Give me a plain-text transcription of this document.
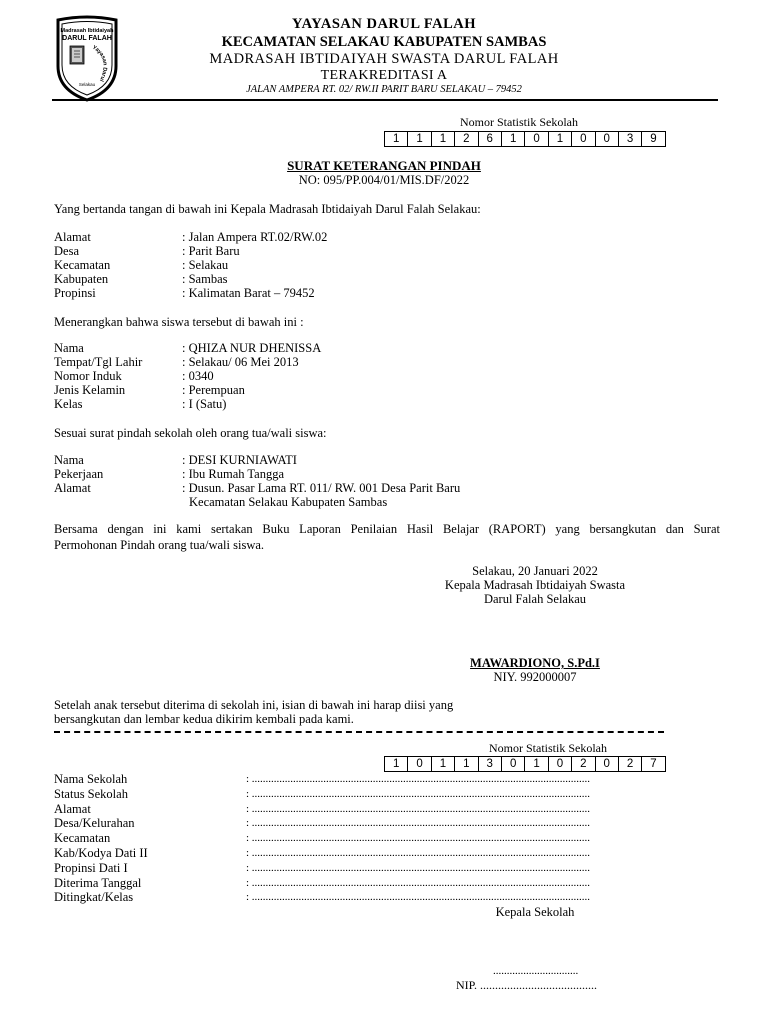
Madrasah Ibtidaiyah
DARUL FALAH
Yayasan Darul
Selakau
YAYASAN DARUL FALAH
KECAMATAN SELAKAU KABUPATEN SAMBAS
MADRASAH IBTIDAIYAH SWASTA DARUL FALAH
TERAKREDITASI A
JALAN AMPERA RT. 02/ RW.II PARIT BARU SELAKAU – 79452
Nomor Statistik Sekolah
1	1	1	2	6	1	0	1	0	0	3	9
SURAT KETERANGAN PINDAH
NO: 095/PP.004/01/MIS.DF/2022
Yang bertanda tangan di bawah ini Kepala Madrasah Ibtidaiyah Darul Falah Selakau:
Alamat	: Jalan Ampera RT.02/RW.02
Desa	: Parit Baru
Kecamatan	: Selakau
Kabupaten	: Sambas
Propinsi	: Kalimatan Barat – 79452
Menerangkan bahwa siswa tersebut di bawah ini :
Nama	: QHIZA NUR DHENISSA
Tempat/Tgl Lahir	: Selakau/ 06 Mei 2013
Nomor Induk	: 0340
Jenis Kelamin	: Perempuan
Kelas	: I (Satu)
Sesuai surat pindah sekolah oleh orang tua/wali siswa:
Nama	: DESI KURNIAWATI
Pekerjaan	: Ibu Rumah Tangga
Alamat	: Dusun. Pasar Lama RT. 011/ RW. 001 Desa Parit Baru
Kecamatan Selakau Kabupaten Sambas
Bersama dengan ini kami sertakan Buku Laporan Penilaian Hasil Belajar (RAPORT) yang bersangkutan dan Surat
Permohonan Pindah orang tua/wali siswa.
Selakau, 20 Januari 2022
Kepala Madrasah Ibtidaiyah Swasta
Darul Falah Selakau
MAWARDIONO, S.Pd.I
NIY. 992000007
Setelah anak tersebut diterima di sekolah ini, isian di bawah ini harap diisi yang
bersangkutan dan lembar kedua dikirim kembali pada kami.
Nomor Statistik Sekolah
1	0	1	1	3	0	1	0	2	0	2	7
Nama Sekolah	: ...........................................................................................................................
Status Sekolah	: ...........................................................................................................................
Alamat	: ...........................................................................................................................
Desa/Kelurahan	: ...........................................................................................................................
Kecamatan	: ...........................................................................................................................
Kab/Kodya Dati II	: ...........................................................................................................................
Propinsi Dati I	: ...........................................................................................................................
Diterima Tanggal	: ...........................................................................................................................
Ditingkat/Kelas	: ...........................................................................................................................
Kepala Sekolah
...............................
NIP. .......................................
